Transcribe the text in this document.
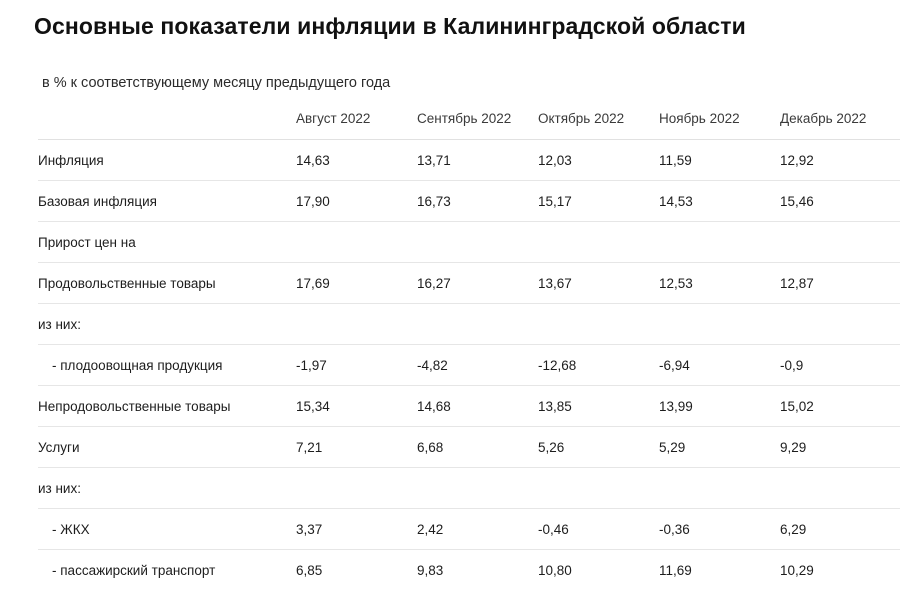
Основные показатели инфляции в Калининградской области
в % к соответствующему месяцу предыдущего года
	Август 2022	Сентябрь 2022	Октябрь 2022	Ноябрь 2022	Декабрь 2022
Инфляция	14,63	13,71	12,03	11,59	12,92
Базовая инфляция	17,90	16,73	15,17	14,53	15,46
Прирост цен на					
Продовольственные товары	17,69	16,27	13,67	12,53	12,87
из них:					
- плодоовощная продукция	-1,97	-4,82	-12,68	-6,94	-0,9
Непродовольственные товары	15,34	14,68	13,85	13,99	15,02
Услуги	7,21	6,68	5,26	5,29	9,29
из них:					
- ЖКХ	3,37	2,42	-0,46	-0,36	6,29
- пассажирский транспорт	6,85	9,83	10,80	11,69	10,29
